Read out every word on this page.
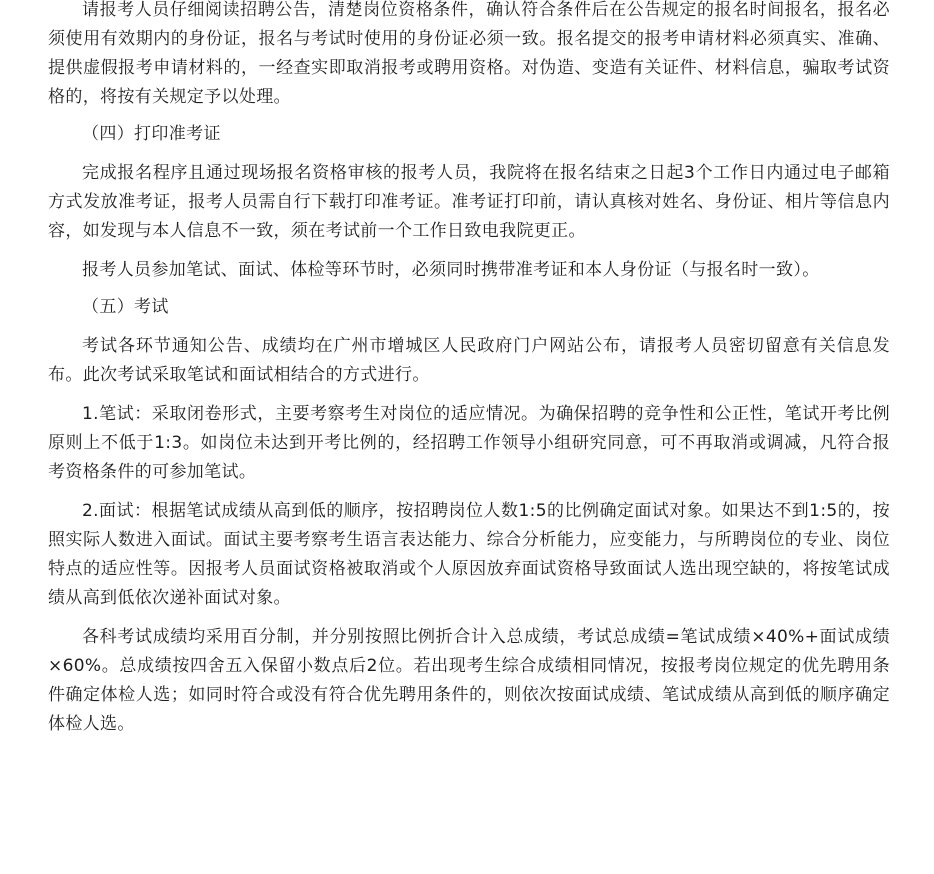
请报考人员仔细阅读招聘公告，清楚岗位资格条件，确认符合条件后在公告规定的报名时间报名，报名必须使用有效期内的身份证，报名与考试时使用的身份证必须一致。报名提交的报考申请材料必须真实、准确、提供虚假报考申请材料的，一经查实即取消报考或聘用资格。对伪造、变造有关证件、材料信息，骗取考试资格的，将按有关规定予以处理。

（四）打印准考证

完成报名程序且通过现场报名资格审核的报考人员，我院将在报名结束之日起3个工作日内通过电子邮箱方式发放准考证，报考人员需自行下载打印准考证。准考证打印前，请认真核对姓名、身份证、相片等信息内容，如发现与本人信息不一致，须在考试前一个工作日致电我院更正。

报考人员参加笔试、面试、体检等环节时，必须同时携带准考证和本人身份证（与报名时一致）。

（五）考试

考试各环节通知公告、成绩均在广州市增城区人民政府门户网站公布，请报考人员密切留意有关信息发布。此次考试采取笔试和面试相结合的方式进行。

1.笔试：采取闭卷形式，主要考察考生对岗位的适应情况。为确保招聘的竞争性和公正性，笔试开考比例原则上不低于1:3。如岗位未达到开考比例的，经招聘工作领导小组研究同意，可不再取消或调减，凡符合报考资格条件的可参加笔试。

2.面试：根据笔试成绩从高到低的顺序，按招聘岗位人数1:5的比例确定面试对象。如果达不到1:5的，按照实际人数进入面试。面试主要考察考生语言表达能力、综合分析能力，应变能力，与所聘岗位的专业、岗位特点的适应性等。因报考人员面试资格被取消或个人原因放弃面试资格导致面试人选出现空缺的，将按笔试成绩从高到低依次递补面试对象。

各科考试成绩均采用百分制，并分别按照比例折合计入总成绩，考试总成绩=笔试成绩×40%+面试成绩×60%。总成绩按四舍五入保留小数点后2位。若出现考生综合成绩相同情况，按报考岗位规定的优先聘用条件确定体检人选；如同时符合或没有符合优先聘用条件的，则依次按面试成绩、笔试成绩从高到低的顺序确定体检人选。
